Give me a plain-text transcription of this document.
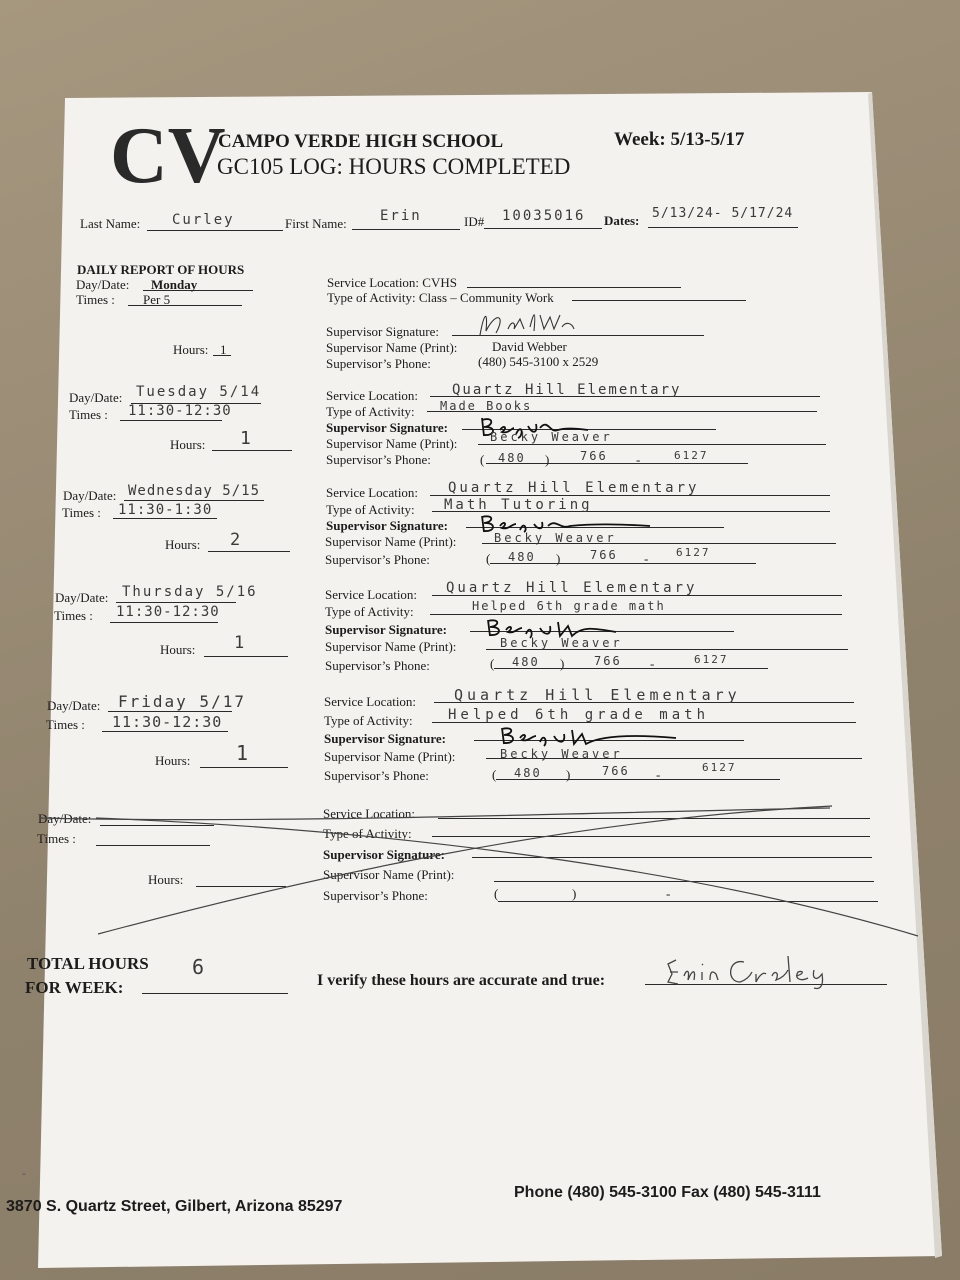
CV
CAMPO VERDE HIGH SCHOOL	Week: 5/13-5/17
GC105 LOG: HOURS COMPLETED
Last Name: Curley	First Name: Erin	ID# 10035016 Dates: 5/13/24- 5/17/24
DAILY REPORT OF HOURS
Day/Date: Monday
Times : Per 5
Hours: 1
Service Location: CVHS
Type of Activity: Class – Community Work
Supervisor Signature:
Supervisor Name (Print):	David Webber
Supervisor’s Phone:	(480) 545-3100 x 2529
Day/Date: Tuesday 5/14
Times : 11:30-12:30
Hours: 1
Service Location: Quartz Hill Elementary
Type of Activity: Made Books
Supervisor Signature:
Supervisor Name (Print):	Becky Weaver
Supervisor’s Phone:	( 480 )	766 -	6127
Day/Date: Wednesday 5/15
Times : 11:30-1:30
Hours: 2
Service Location: Quartz Hill Elementary
Type of Activity: Math Tutoring
Supervisor Signature:
Supervisor Name (Print):	Becky Weaver
Supervisor’s Phone:	( 480 ) 766 -	6127
Day/Date: Thursday 5/16
Times : 11:30-12:30
Hours: 1
Service Location: Quartz Hill Elementary
Type of Activity:	Helped 6th grade math
Supervisor Signature:
Supervisor Name (Print):	Becky Weaver
Supervisor’s Phone:	( 480 ) 766 -	6127
Day/Date: Friday 5/17
Times : 11:30-12:30
Hours: 1
Service Location:	Quartz Hill Elementary
Type of Activity:	Helped 6th grade math
Supervisor Signature:
Supervisor Name (Print):	Becky Weaver
Supervisor’s Phone:	( 480 )	766 -	6127
Day/Date:
Times :
Hours:
Service Location:
Type of Activity:
Supervisor Signature:
Supervisor Name (Print):
Supervisor’s Phone:	(	)	-
TOTAL HOURS
FOR WEEK:
6
I verify these hours are accurate and true:
-
3870 S. Quartz Street, Gilbert, Arizona 85297
Phone (480) 545-3100 Fax (480) 545-3111
